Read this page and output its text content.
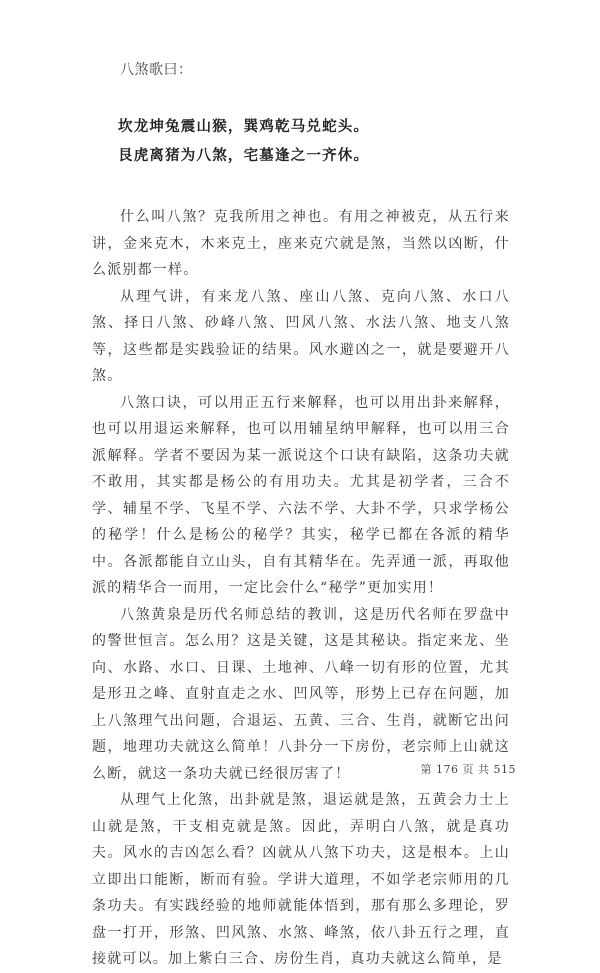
八煞歌曰：
坎龙坤兔震山猴，巽鸡乾马兑蛇头。
艮虎离猪为八煞，宅墓逢之一齐休。

什么叫八煞？克我所用之神也。有用之神被克，从五行来讲，金来克木，木来克土，座来克穴就是煞，当然以凶断，什么派别都一样。

从理气讲，有来龙八煞、座山八煞、克向八煞、水口八煞、择日八煞、砂峰八煞、凹风八煞、水法八煞、地支八煞等，这些都是实践验证的结果。风水避凶之一，就是要避开八煞。

八煞口诀，可以用正五行来解释，也可以用出卦来解释，也可以用退运来解释，也可以用辅星纳甲解释，也可以用三合派解释。学者不要因为某一派说这个口诀有缺陷，这条功夫就不敢用，其实都是杨公的有用功夫。尤其是初学者，三合不学、辅星不学、飞星不学、六法不学、大卦不学，只求学杨公的秘学！什么是杨公的秘学？其实，秘学已都在各派的精华中。各派都能自立山头，自有其精华在。先弄通一派，再取他派的精华合一而用，一定比会什么“秘学”更加实用！

八煞黄泉是历代名师总结的教训，这是历代名师在罗盘中的警世恒言。怎么用？这是关键，这是其秘诀。指定来龙、坐向、水路、水口、日课、土地神、八峰一切有形的位置，尤其是形丑之峰、直射直走之水、凹风等，形势上已存在问题，加上八煞理气出问题，合退运、五黄、三合、生肖，就断它出问题，地理功夫就这么简单！八卦分一下房份，老宗师上山就这么断，就这一条功夫就已经很厉害了！

从理气上化煞，出卦就是煞，退运就是煞，五黄会力士上山就是煞，干支相克就是煞。因此，弄明白八煞，就是真功夫。风水的吉凶怎么看？凶就从八煞下功夫，这是根本。上山立即出口能断，断而有验。学讲大道理，不如学老宗师用的几条功夫。有实践经验的地师就能体悟到，那有那么多理论，罗盘一打开，形煞、凹风煞、水煞、峰煞，依八卦五行之理，直接就可以。加上紫白三合、房份生肖，真功夫就这么简单，是

第 176 页 共 515
